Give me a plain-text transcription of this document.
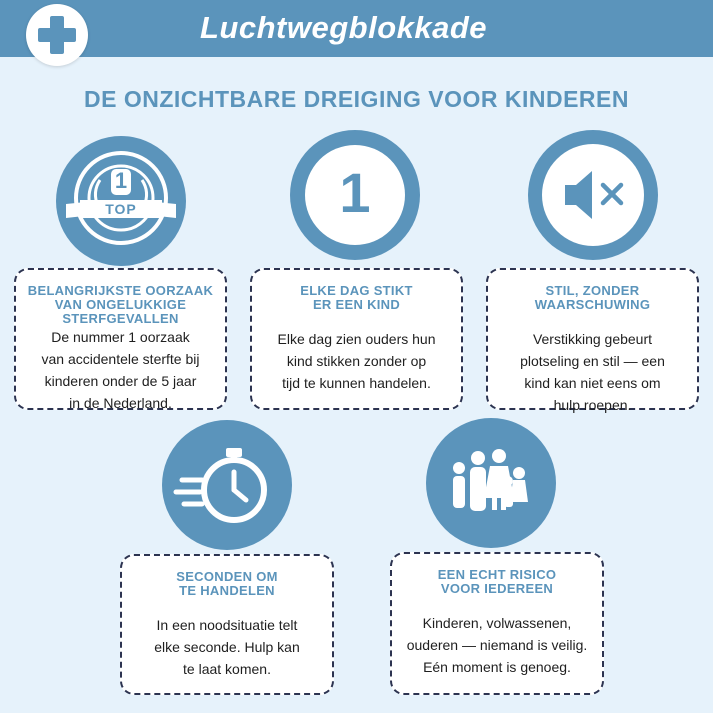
Luchtwegblokkade
DE ONZICHTBARE DREIGING VOOR KINDEREN
1
TOP	1
BELANGRIJKSTE OORZAAK
VAN ONGELUKKIGE
STERFGEVALLEN
De nummer 1 oorzaak
van accidentele sterfte bij
kinderen onder de 5 jaar
in de Nederland.
ELKE DAG STIKT
ER EEN KIND
Elke dag zien ouders hun
kind stikken zonder op
tijd te kunnen handelen.
STIL, ZONDER
WAARSCHUWING
Verstikking gebeurt
plotseling en stil — een
kind kan niet eens om
hulp roepen.
SECONDEN OM
TE HANDELEN
In een noodsituatie telt
elke seconde. Hulp kan
te laat komen.
EEN ECHT RISICO
VOOR IEDEREEN
Kinderen, volwassenen,
ouderen — niemand is veilig.
Eén moment is genoeg.
